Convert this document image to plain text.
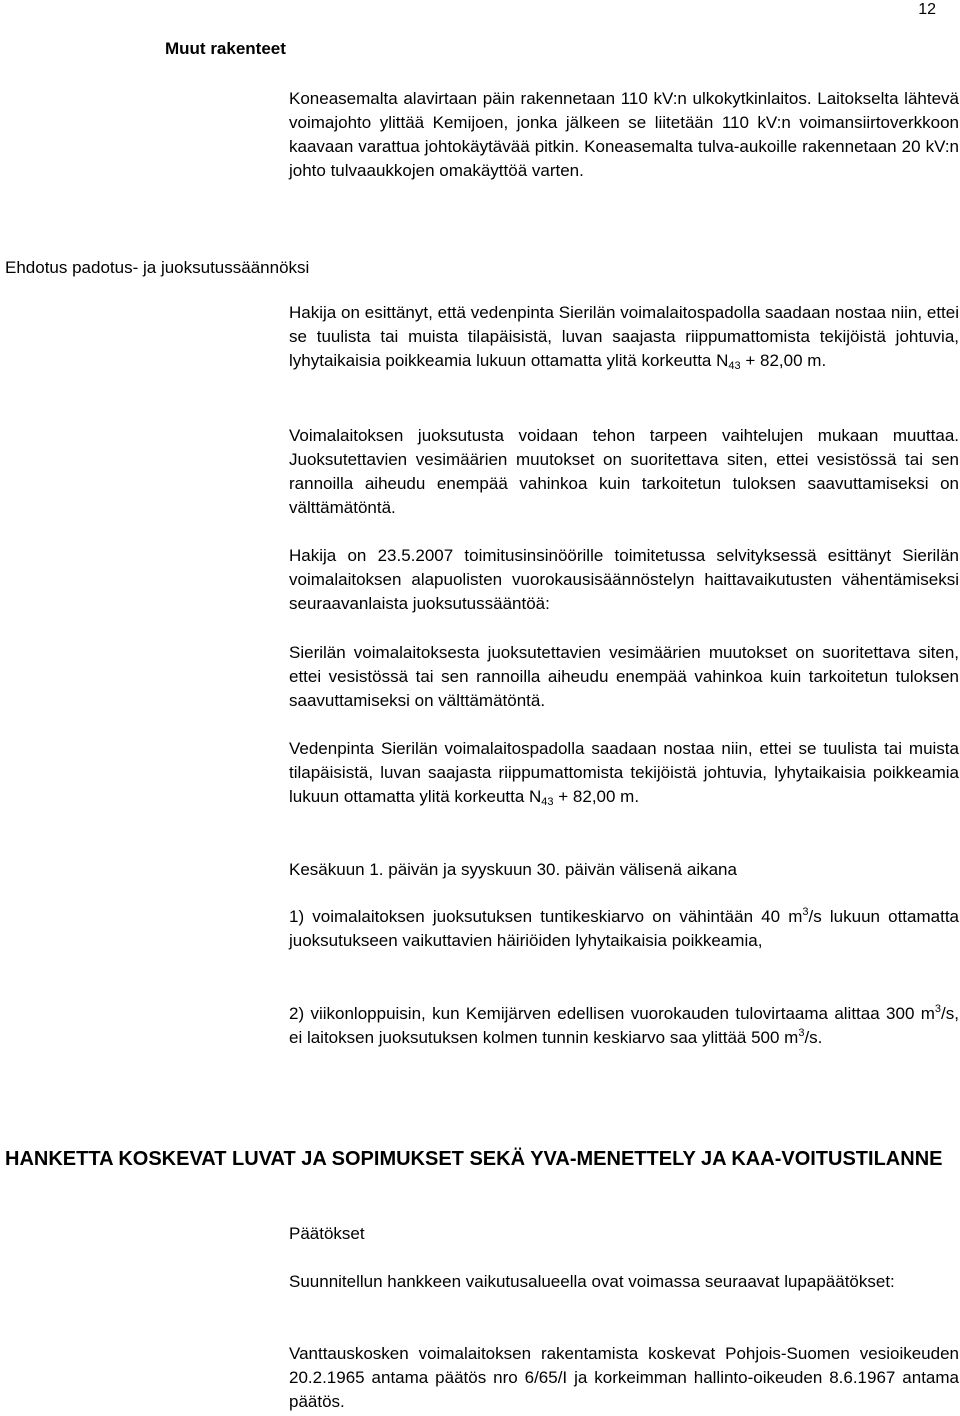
12
Muut rakenteet

Koneasemalta alavirtaan päin rakennetaan 110 kV:n ulkokytkinlaitos. Laitokselta lähtevä voimajohto ylittää Kemijoen, jonka jälkeen se liitetään 110 kV:n voimansiirtoverkkoon kaavaan varattua johtokäytävää pitkin. Koneasemalta tulva-aukoille rakennetaan 20 kV:n johto tulvaaukkojen omakäyttöä varten.

Ehdotus padotus- ja juoksutussäännöksi

Hakija on esittänyt, että vedenpinta Sierilän voimalaitospadolla saadaan nostaa niin, ettei se tuulista tai muista tilapäisistä, luvan saajasta riippumattomista tekijöistä johtuvia, lyhytaikaisia poikkeamia lukuun ottamatta ylitä korkeutta $N_{43} + 82,00$ m.

Voimalaitoksen juoksutusta voidaan tehon tarpeen vaihtelujen mukaan muuttaa. Juoksutettavien vesimäärien muutokset on suoritettava siten, ettei vesistössä tai sen rannoilla aiheudu enempää vahinkoa kuin tarkoitetun tuloksen saavuttamiseksi on välttämätöntä.

Hakija on 23.5.2007 toimitusinsinöörille toimitetussa selvityksessä esittänyt Sierilän voimalaitoksen alapuolisten vuorokausisäännöstelyn haittavaikutusten vähentämiseksi seuraavanlaista juoksutussääntöä:

Sierilän voimalaitoksesta juoksutettavien vesimäärien muutokset on suoritettava siten, ettei vesistössä tai sen rannoilla aiheudu enempää vahinkoa kuin tarkoitetun tuloksen saavuttamiseksi on välttämätöntä.

Vedenpinta Sierilän voimalaitospadolla saadaan nostaa niin, ettei se tuulista tai muista tilapäisistä, luvan saajasta riippumattomista tekijöistä johtuvia, lyhytaikaisia poikkeamia lukuun ottamatta ylitä korkeutta $N_{43} + 82,00$ m.

Kesäkuun 1. päivän ja syyskuun 30. päivän välisenä aikana

1) voimalaitoksen juoksutuksen tuntikeskiarvo on vähintään 40 $m^3/s$ lukuun ottamatta juoksutukseen vaikuttavien häiriöiden lyhytaikaisia poikkeamia,

2) viikonloppuisin, kun Kemijärven edellisen vuorokauden tulovirtaama alittaa 300 $m^3/s$, ei laitoksen juoksutuksen kolmen tunnin keskiarvo saa ylittää 500 $m^3/s$.

HANKETTA KOSKEVAT LUVAT JA SOPIMUKSET SEKÄ YVA-MENETTELY JA KAA-VOITUSTILANNE

Päätökset

Suunnitellun hankkeen vaikutusalueella ovat voimassa seuraavat lupapäätökset:

Vanttauskosken voimalaitoksen rakentamista koskevat Pohjois-Suomen vesioikeuden 20.2.1965 antama päätös nro 6/65/I ja korkeimman hallinto-oikeuden 8.6.1967 antama päätös.
